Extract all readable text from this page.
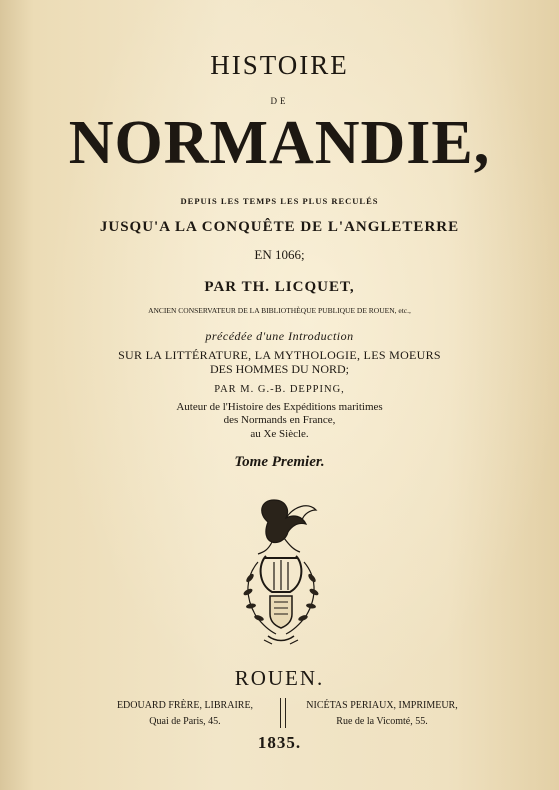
HISTOIRE
DE
NORMANDIE,
DEPUIS LES TEMPS LES PLUS RECULÉS
JUSQU'A LA CONQUÊTE DE L'ANGLETERRE
EN 1066;
PAR TH. LICQUET,
ANCIEN CONSERVATEUR DE LA BIBLIOTHÈQUE PUBLIQUE DE ROUEN, etc.,
précédée d'une Introduction
SUR LA LITTÉRATURE, LA MYTHOLOGIE, LES MOEURS
DES HOMMES DU NORD;
PAR M. G.-B. DEPPING,
Auteur de l'Histoire des Expéditions maritimes
des Normands en France,
au Xe Siècle.
Tome Premier.
ROUEN.
EDOUARD FRÈRE, LIBRAIRE,
Quai de Paris, 45.
NICÉTAS PERIAUX, IMPRIMEUR,
Rue de la Vicomté, 55.
1835.
